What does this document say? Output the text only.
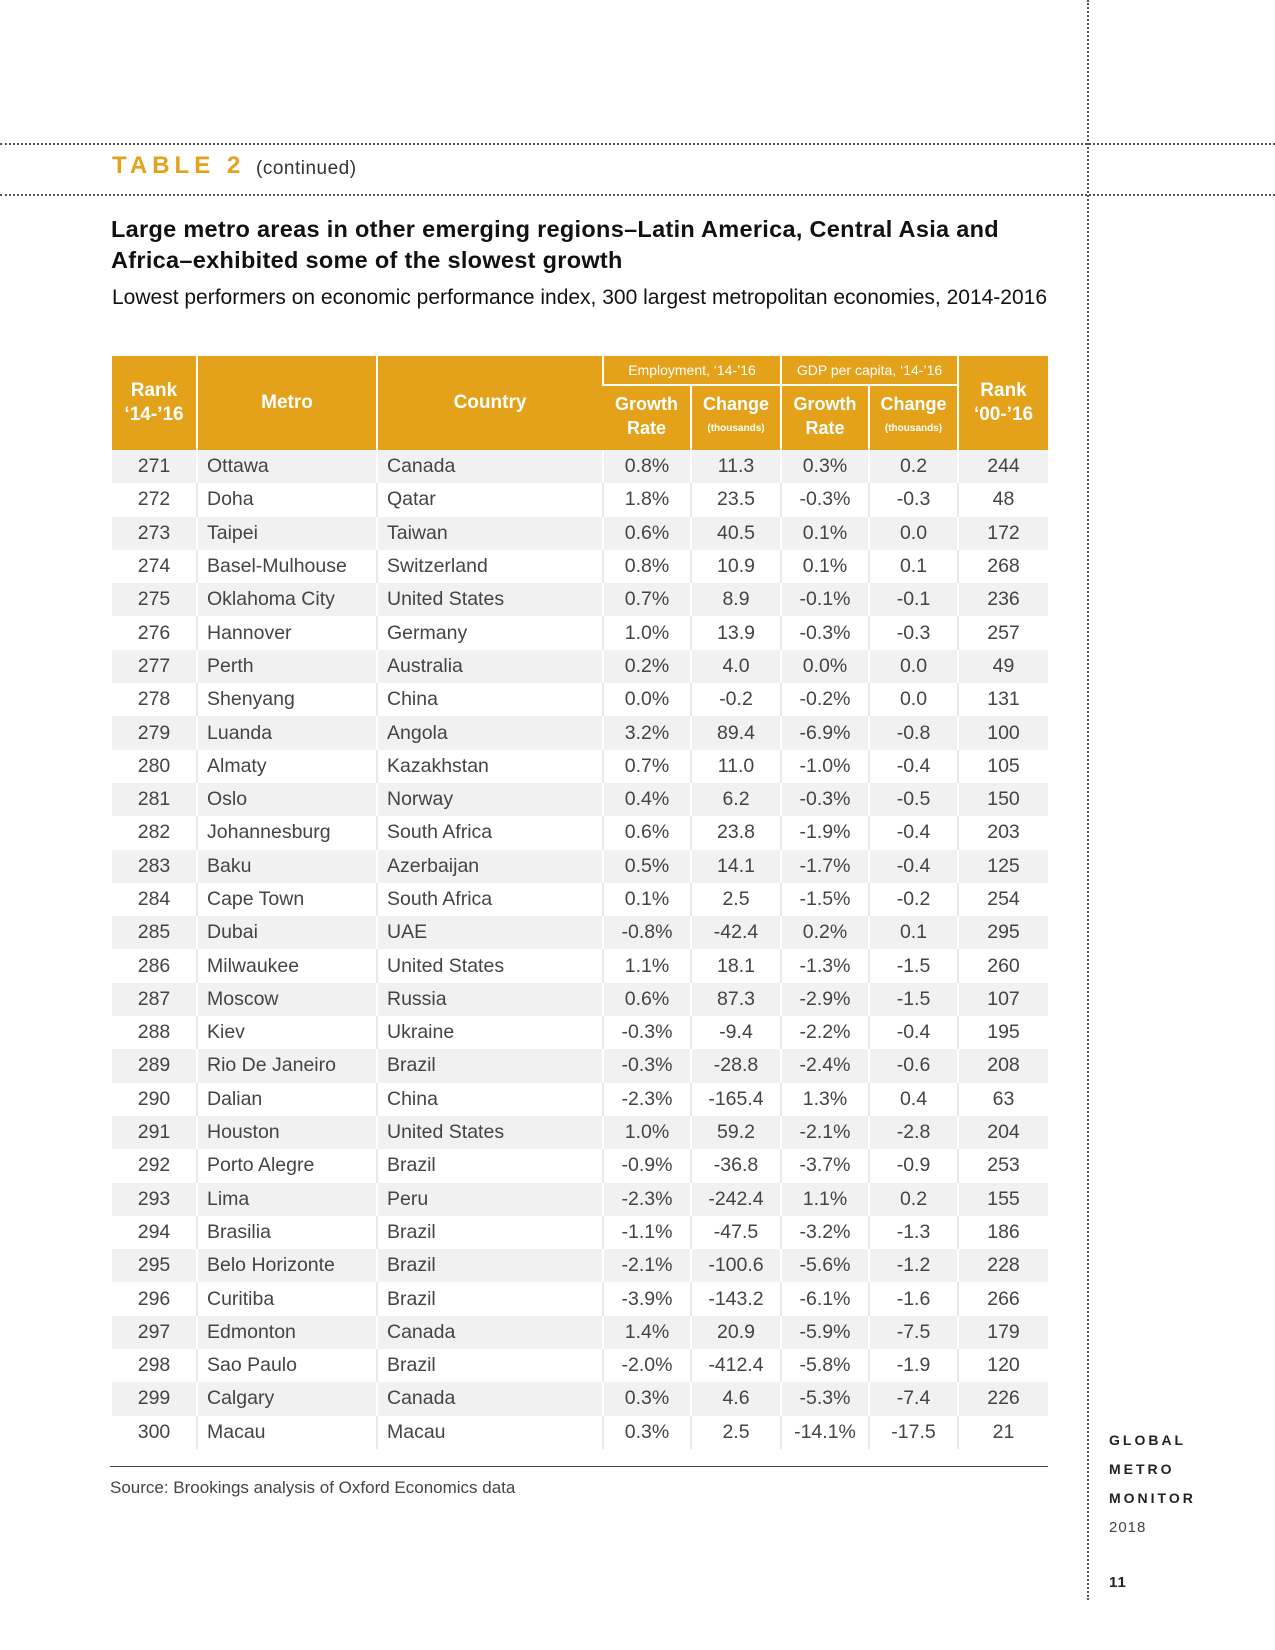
TABLE 2 (continued)
Large metro areas in other emerging regions–Latin America, Central Asia and Africa–exhibited some of the slowest growth
Lowest performers on economic performance index, 300 largest metropolitan economies, 2014-2016
Rank ‘14-’16	Metro	Country	Employment, ‘14-’16		GDP per capita, ‘14-’16		Rank ‘00-’16

			Growth Rate	Change
(thousands)	Growth Rate	Change
(thousands)	

271	Ottawa	Canada	0.8%	11.3	0.3%	0.2	244
272	Doha	Qatar	1.8%	23.5	-0.3%	-0.3	48
273	Taipei	Taiwan	0.6%	40.5	0.1%	0.0	172
274	Basel-Mulhouse	Switzerland	0.8%	10.9	0.1%	0.1	268
275	Oklahoma City	United States	0.7%	8.9	-0.1%	-0.1	236
276	Hannover	Germany	1.0%	13.9	-0.3%	-0.3	257
277	Perth	Australia	0.2%	4.0	0.0%	0.0	49
278	Shenyang	China	0.0%	-0.2	-0.2%	0.0	131
279	Luanda	Angola	3.2%	89.4	-6.9%	-0.8	100
280	Almaty	Kazakhstan	0.7%	11.0	-1.0%	-0.4	105
281	Oslo	Norway	0.4%	6.2	-0.3%	-0.5	150
282	Johannesburg	South Africa	0.6%	23.8	-1.9%	-0.4	203
283	Baku	Azerbaijan	0.5%	14.1	-1.7%	-0.4	125
284	Cape Town	South Africa	0.1%	2.5	-1.5%	-0.2	254
285	Dubai	UAE	-0.8%	-42.4	0.2%	0.1	295
286	Milwaukee	United States	1.1%	18.1	-1.3%	-1.5	260
287	Moscow	Russia	0.6%	87.3	-2.9%	-1.5	107
288	Kiev	Ukraine	-0.3%	-9.4	-2.2%	-0.4	195
289	Rio De Janeiro	Brazil	-0.3%	-28.8	-2.4%	-0.6	208
290	Dalian	China	-2.3%	-165.4	1.3%	0.4	63
291	Houston	United States	1.0%	59.2	-2.1%	-2.8	204
292	Porto Alegre	Brazil	-0.9%	-36.8	-3.7%	-0.9	253
293	Lima	Peru	-2.3%	-242.4	1.1%	0.2	155
294	Brasilia	Brazil	-1.1%	-47.5	-3.2%	-1.3	186
295	Belo Horizonte	Brazil	-2.1%	-100.6	-5.6%	-1.2	228
296	Curitiba	Brazil	-3.9%	-143.2	-6.1%	-1.6	266
297	Edmonton	Canada	1.4%	20.9	-5.9%	-7.5	179
298	Sao Paulo	Brazil	-2.0%	-412.4	-5.8%	-1.9	120
299	Calgary	Canada	0.3%	4.6	-5.3%	-7.4	226
300	Macau	Macau	0.3%	2.5	-14.1%	-17.5	21
Source: Brookings analysis of Oxford Economics data
GLOBAL
METRO
MONITOR
2018
11
